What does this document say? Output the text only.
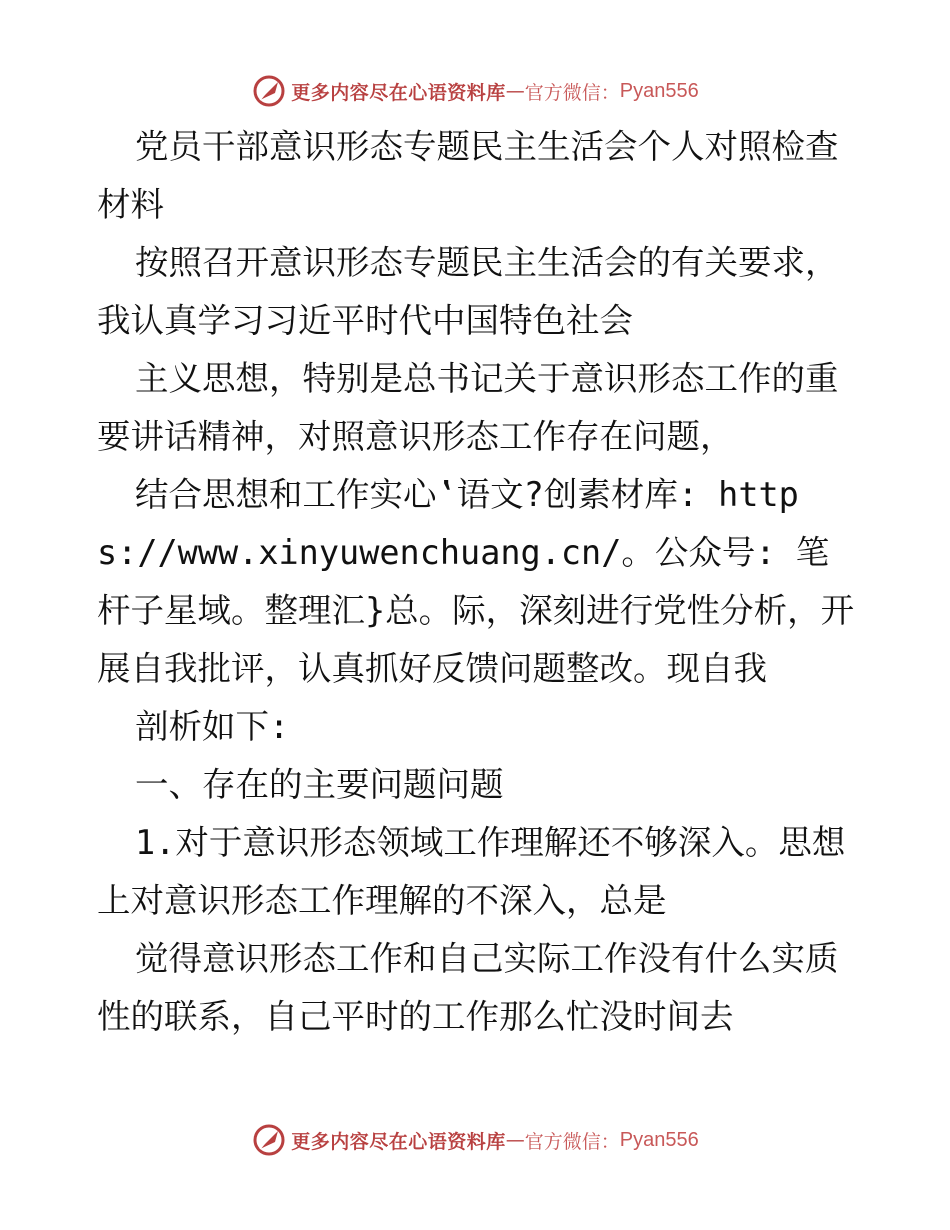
更多内容尽在心语资料库 — 官方微信： Pyan556

党员干部意识形态专题民主生活会个人对照检查材料

按照召开意识形态专题民主生活会的有关要求，我认真学习习近平时代中国特色社会

主义思想，特别是总书记关于意识形态工作的重要讲话精神，对照意识形态工作存在问题，

结合思想和工作实心‛语文?创素材库: https://www.xinyuwenchuang.cn/。公众号: 笔杆子星域。整理汇}总。际，深刻进行党性分析，开展自我批评，认真抓好反馈问题整改。现自我

剖析如下:

一、存在的主要问题问题

1.对于意识形态领域工作理解还不够深入。思想上对意识形态工作理解的不深入，总是

觉得意识形态工作和自己实际工作没有什么实质性的联系，自己平时的工作那么忙没时间去

更多内容尽在心语资料库 — 官方微信： Pyan556
